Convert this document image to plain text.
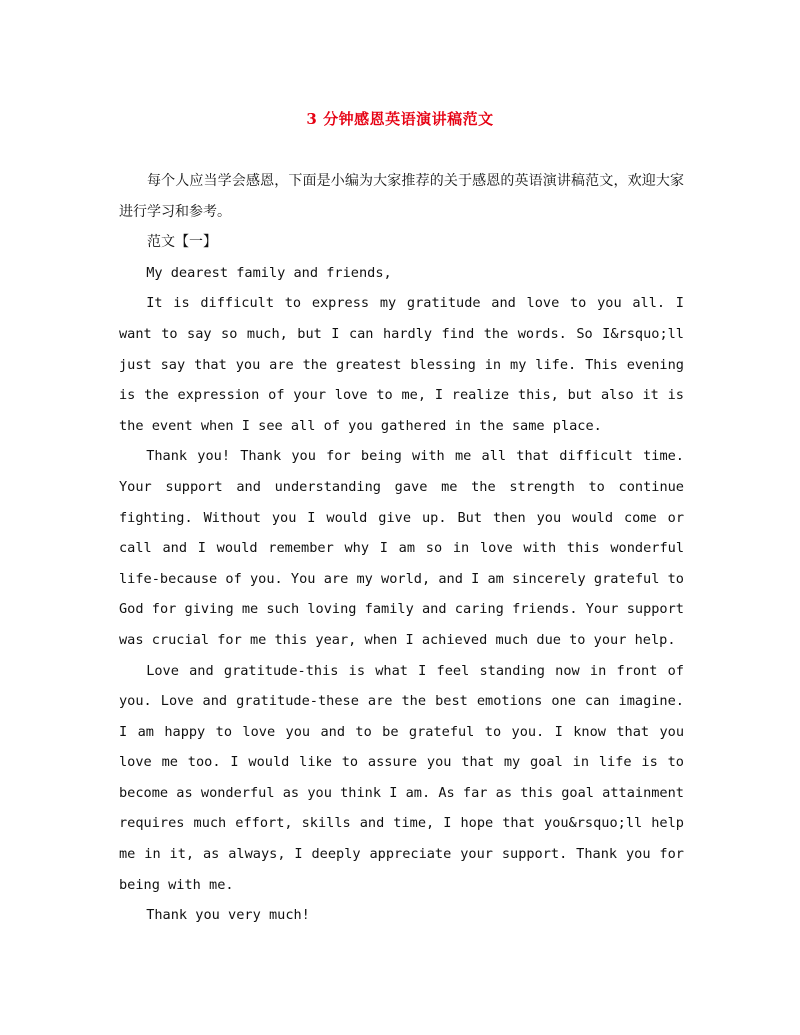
3 分钟感恩英语演讲稿范文

每个人应当学会感恩，下面是小编为大家推荐的关于感恩的英语演讲稿范文，欢迎大家进行学习和参考。

范文【一】

My dearest family and friends,

It is difficult to express my gratitude and love to you all. I want to say so much, but I can hardly find the words. So I&rsquo;ll just say that you are the greatest blessing in my life. This evening is the expression of your love to me, I realize this, but also it is the event when I see all of you gathered in the same place.

Thank you! Thank you for being with me all that difficult time. Your support and understanding gave me the strength to continue fighting. Without you I would give up. But then you would come or call and I would remember why I am so in love with this wonderful life-because of you. You are my world, and I am sincerely grateful to God for giving me such loving family and caring friends. Your support was crucial for me this year, when I achieved much due to your help.

Love and gratitude-this is what I feel standing now in front of you. Love and gratitude-these are the best emotions one can imagine. I am happy to love you and to be grateful to you. I know that you love me too. I would like to assure you that my goal in life is to become as wonderful as you think I am. As far as this goal attainment requires much effort, skills and time, I hope that you&rsquo;ll help me in it, as always, I deeply appreciate your support. Thank you for being with me.

Thank you very much!
